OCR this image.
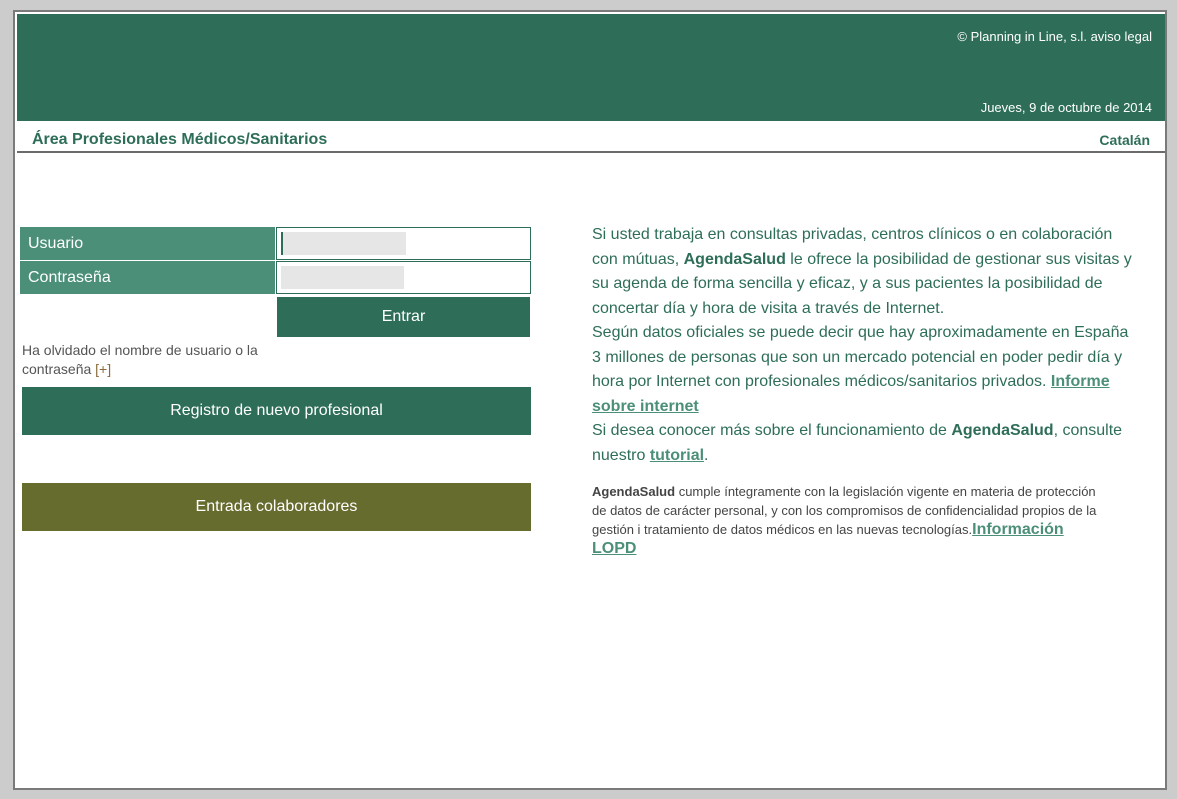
© Planning in Line, s.l. aviso legal
Jueves, 9 de octubre de 2014
Área Profesionales Médicos/Sanitarios	Catalán
Usuario
Contraseña
Entrar
Ha olvidado el nombre de usuario o la contraseña [+]
Registro de nuevo profesional
Entrada colaboradores

Si usted trabaja en consultas privadas, centros clínicos o en colaboración con mútuas, AgendaSalud le ofrece la posibilidad de gestionar sus visitas y su agenda de forma sencilla y eficaz, y a sus pacientes la posibilidad de concertar día y hora de visita a través de Internet.

Según datos oficiales se puede decir que hay aproximadamente en España 3 millones de personas que son un mercado potencial en poder pedir día y hora por Internet con profesionales médicos/sanitarios privados. Informe sobre internet

Si desea conocer más sobre el funcionamiento de AgendaSalud, consulte nuestro tutorial.

AgendaSalud cumple íntegramente con la legislación vigente en materia de protección de datos de carácter personal, y con los compromisos de confidencialidad propios de la gestión i tratamiento de datos médicos en las nuevas tecnologías.Información LOPD
